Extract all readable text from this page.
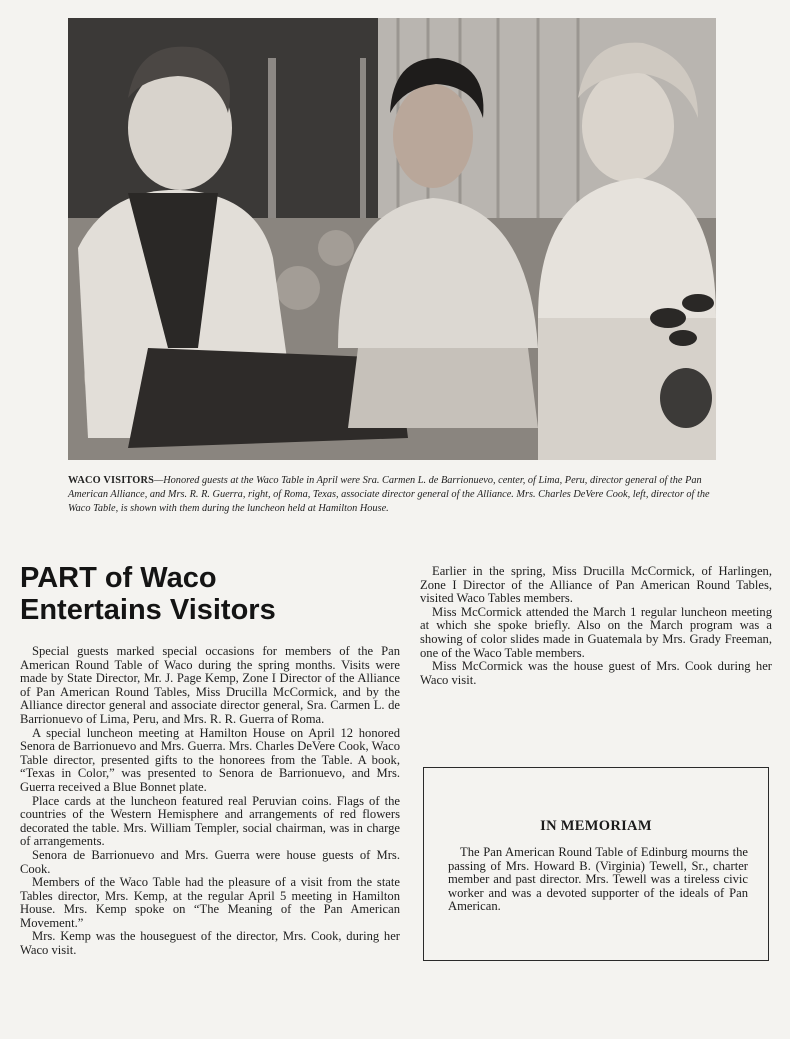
WACO VISITORS—Honored guests at the Waco Table in April were Sra. Carmen L. de Barrionuevo, center, of Lima, Peru, director general of the Pan American Alliance, and Mrs. R. R. Guerra, right, of Roma, Texas, associate director general of the Alliance. Mrs. Charles DeVere Cook, left, director of the Waco Table, is shown with them during the luncheon held at Hamilton House.
PART of Waco
Entertains Visitors

Special guests marked special occasions for members of the Pan American Round Table of Waco during the spring months. Visits were made by State Director, Mr. J. Page Kemp, Zone I Director of the Alliance of Pan American Round Tables, Miss Drucilla McCormick, and by the Alliance director general and associate director general, Sra. Carmen L. de Barrionuevo of Lima, Peru, and Mrs. R. R. Guerra of Roma.

A special luncheon meeting at Hamilton House on April 12 honored Senora de Barrionuevo and Mrs. Guerra. Mrs. Charles DeVere Cook, Waco Table director, presented gifts to the honorees from the Table. A book, “Texas in Color,” was presented to Senora de Barrionuevo, and Mrs. Guerra received a Blue Bonnet plate.

Place cards at the luncheon featured real Peruvian coins. Flags of the countries of the Western Hemisphere and arrangements of red flowers decorated the table. Mrs. William Templer, social chairman, was in charge of arrangements.

Senora de Barrionuevo and Mrs. Guerra were house guests of Mrs. Cook.

Members of the Waco Table had the pleasure of a visit from the state Tables director, Mrs. Kemp, at the regular April 5 meeting in Hamilton House. Mrs. Kemp spoke on “The Meaning of the Pan American Movement.”

Mrs. Kemp was the houseguest of the director, Mrs. Cook, during her Waco visit.

Earlier in the spring, Miss Drucilla McCormick, of Harlingen, Zone I Director of the Alliance of Pan American Round Tables, visited Waco Tables members.

Miss McCormick attended the March 1 regular luncheon meeting at which she spoke briefly. Also on the March program was a showing of color slides made in Guatemala by Mrs. Grady Freeman, one of the Waco Table members.

Miss McCormick was the house guest of Mrs. Cook during her Waco visit.

IN MEMORIAM

The Pan American Round Table of Edinburg mourns the passing of Mrs. Howard B. (Virginia) Tewell, Sr., charter member and past director. Mrs. Tewell was a tireless civic worker and was a devoted supporter of the ideals of Pan American.
